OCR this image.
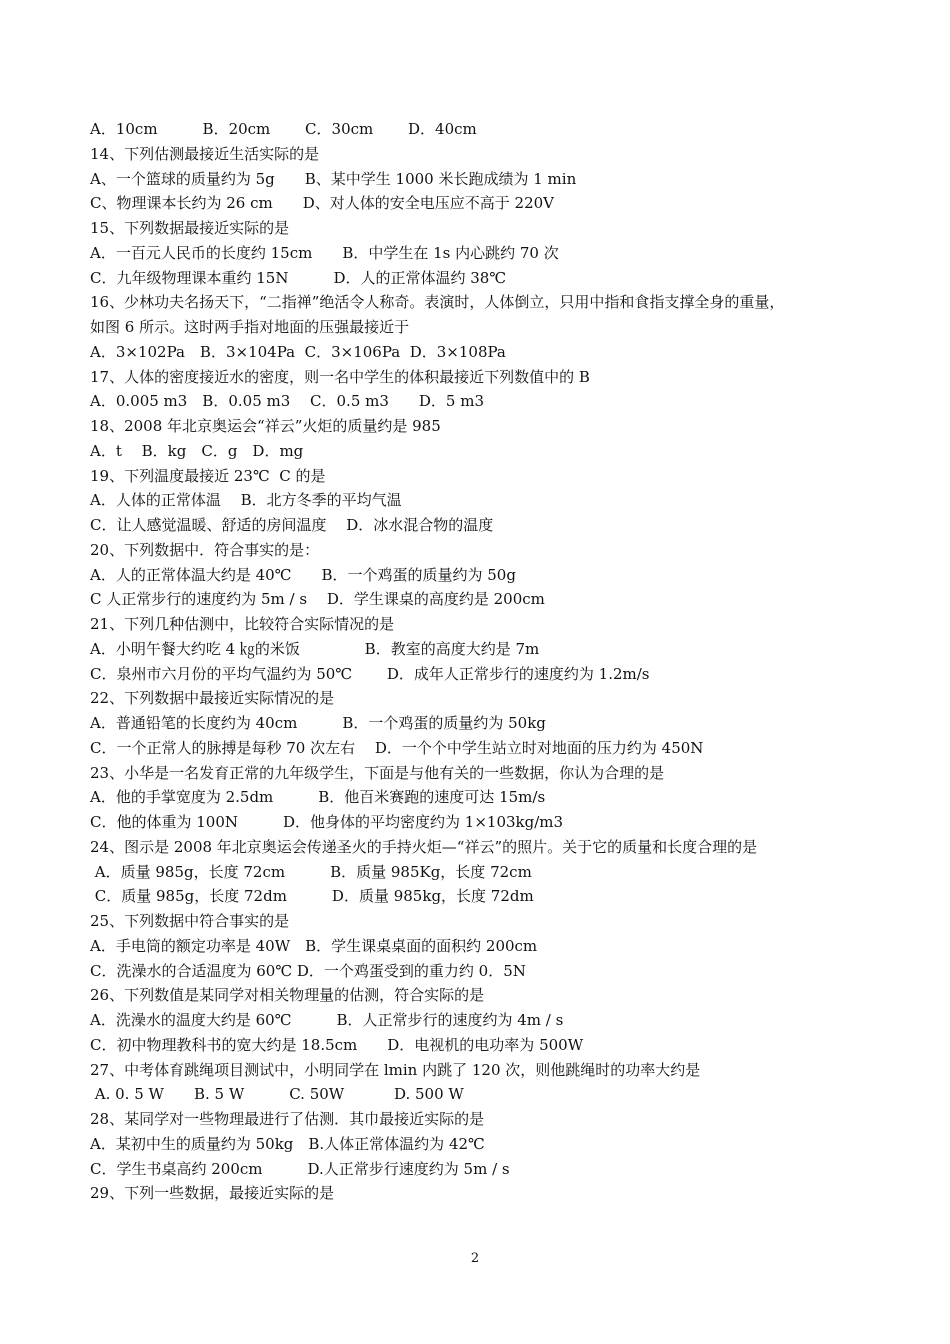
A．10cm　　　B．20cm　　 C．30cm　　 D．40cm
14、下列估测最接近生活实际的是
A、一个篮球的质量约为 5g　　B、某中学生 1000 米长跑成绩为 1 min
C、物理课本长约为 26 cm　　D、对人体的安全电压应不高于 220V
15、下列数据最接近实际的是
A．一百元人民币的长度约 15cm　　B．中学生在 1s 内心跳约 70 次
C．九年级物理课本重约 15N　　　D．人的正常体温约 38℃
16、少林功夫名扬天下，“二指禅”绝活令人称奇。表演时，人体倒立，只用中指和食指支撑全身的重量，
如图 6 所示。这时两手指对地面的压强最接近于
A．3×102Pa　B．3×104Pa  C．3×106Pa  D．3×108Pa
17、人体的密度接近水的密度，则一名中学生的体积最接近下列数值中的 B
A．0.005 m3　B．0.05 m3　 C．0.5 m3　　D．5 m3
18、2008 年北京奥运会“祥云”火炬的质量约是 985
A．t　 B．kg　C．g　D．mg
19、下列温度最接近 23℃  C 的是
A．人体的正常体温　 B．北方冬季的平均气温
C．让人感觉温暖、舒适的房间温度　 D．冰水混合物的温度
20、下列数据中．符合事实的是：
A．人的正常体温大约是 40℃　　B．一个鸡蛋的质量约为 50g
C 人正常步行的速度约为 5m / s　 D．学生课桌的高度约是 200cm
21、下列几种估测中，比较符合实际情况的是
A．小明午餐大约吃 4 ㎏的米饭　　　　 B．教室的高度大约是 7m
C．泉州市六月份的平均气温约为 50℃　　 D．成年人正常步行的速度约为 1.2m/s
22、下列数据中最接近实际情况的是
A．普通铅笔的长度约为 40cm　　　B．一个鸡蛋的质量约为 50kg
C．一个正常人的脉搏是每秒 70 次左右　 D．一个个中学生站立时对地面的压力约为 450N
23、小华是一名发育正常的九年级学生，下面是与他有关的一些数据，你认为合理的是
A．他的手掌宽度为 2.5dm　　　B．他百米赛跑的速度可达 15m/s
C．他的体重为 100N　　　D．他身体的平均密度约为 1×103kg/m3
24、图示是 2008 年北京奥运会传递圣火的手持火炬—“祥云”的照片。关于它的质量和长度合理的是
A．质量 985g，长度 72cm　　　B．质量 985Kg，长度 72cm
C．质量 985g，长度 72dm　　　D．质量 985kg，长度 72dm
25、下列数据中符合事实的是
A．手电筒的额定功率是 40W　B．学生课桌桌面的面积约 200cm
C．洗澡水的合适温度为 60℃ D．一个鸡蛋受到的重力约 0．5N
26、下列数值是某同学对相关物理量的估测，符合实际的是
A．洗澡水的温度大约是 60℃　　　B．人正常步行的速度约为 4m / s
C．初中物理教科书的宽大约是 18.5cm　　D．电视机的电功率为 500W
27、中考体育跳绳项目测试中，小明同学在 lmin 内跳了 120 次，则他跳绳时的功率大约是
A. 0. 5 W　　B. 5 W　　　C. 50W　　　 D. 500 W
28、某同学对一些物理最进行了估测．其巾最接近实际的是
A．某初中生的质量约为 50kg　B.人体正常体温约为 42℃
C．学生书桌高约 200cm　　　D.人正常步行速度约为 5m / s
29、下列一些数据，最接近实际的是
2
